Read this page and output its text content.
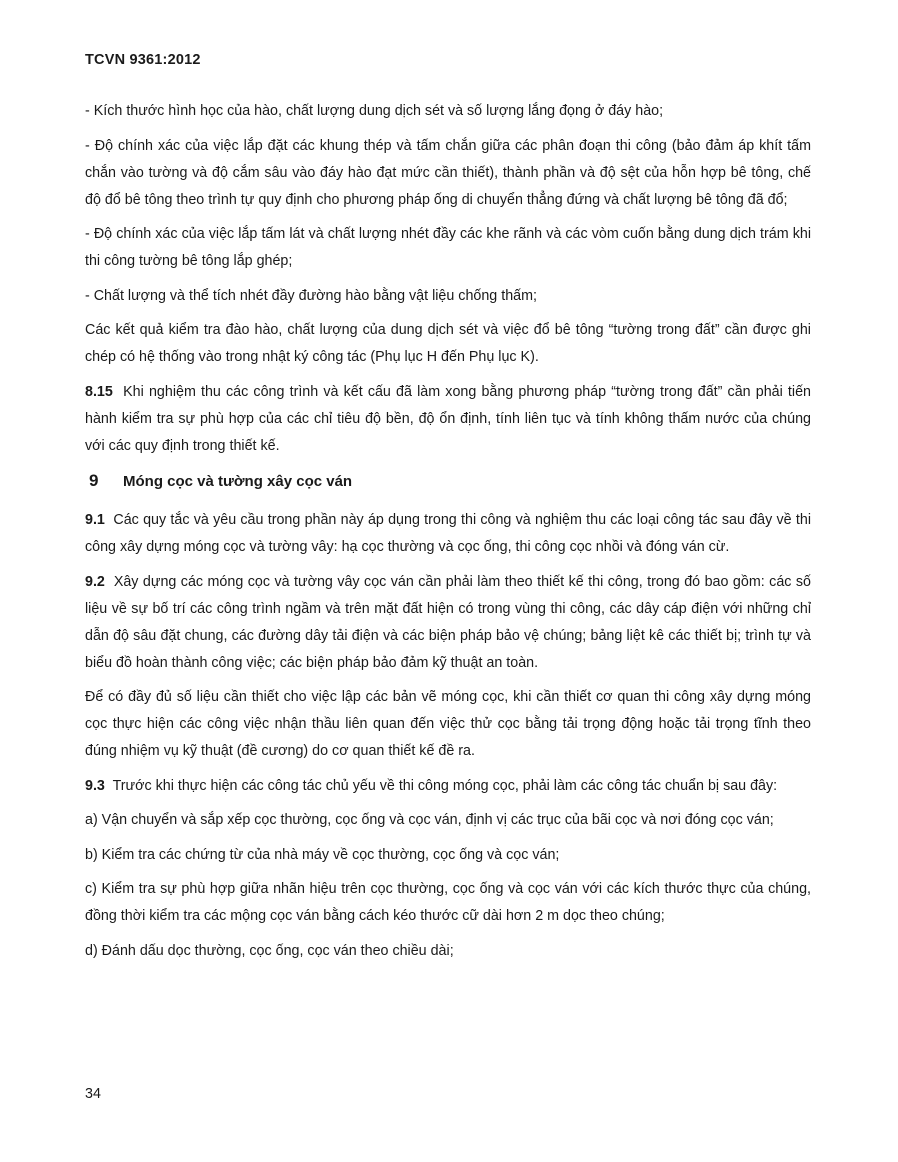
TCVN 9361:2012

- Kích thước hình học của hào, chất lượng dung dịch sét và số lượng lắng đọng ở đáy hào;

- Độ chính xác của việc lắp đặt các khung thép và tấm chắn giữa các phân đoạn thi công (bảo đảm áp khít tấm chắn vào tường và độ cắm sâu vào đáy hào đạt mức cần thiết), thành phần và độ sệt của hỗn hợp bê tông, chế độ đổ bê tông theo trình tự quy định cho phương pháp ống di chuyển thẳng đứng và chất lượng bê tông đã đổ;

- Độ chính xác của việc lắp tấm lát và chất lượng nhét đầy các khe rãnh và các vòm cuốn bằng dung dịch trám khi thi công tường bê tông lắp ghép;

- Chất lượng và thể tích nhét đầy đường hào bằng vật liệu chống thấm;

Các kết quả kiểm tra đào hào, chất lượng của dung dịch sét và việc đổ bê tông “tường trong đất” cần được ghi chép có hệ thống vào trong nhật ký công tác (Phụ lục H đến Phụ lục K).

8.15 Khi nghiệm thu các công trình và kết cấu đã làm xong bằng phương pháp “tường trong đất” cần phải tiến hành kiểm tra sự phù hợp của các chỉ tiêu độ bền, độ ổn định, tính liên tục và tính không thấm nước của chúng với các quy định trong thiết kế.

9	Móng cọc và tường xây cọc ván

9.1 Các quy tắc và yêu cầu trong phần này áp dụng trong thi công và nghiệm thu các loại công tác sau đây về thi công xây dựng móng cọc và tường vây: hạ cọc thường và cọc ống, thi công cọc nhồi và đóng ván cừ.

9.2 Xây dựng các móng cọc và tường vây cọc ván cần phải làm theo thiết kế thi công, trong đó bao gồm: các số liệu về sự bố trí các công trình ngầm và trên mặt đất hiện có trong vùng thi công, các dây cáp điện với những chỉ dẫn độ sâu đặt chung, các đường dây tải điện và các biện pháp bảo vệ chúng; bảng liệt kê các thiết bị; trình tự và biểu đồ hoàn thành công việc; các biện pháp bảo đảm kỹ thuật an toàn.

Để có đầy đủ số liệu cần thiết cho việc lập các bản vẽ móng cọc, khi cần thiết cơ quan thi công xây dựng móng cọc thực hiện các công việc nhận thầu liên quan đến việc thử cọc bằng tải trọng động hoặc tải trọng tĩnh theo đúng nhiệm vụ kỹ thuật (đề cương) do cơ quan thiết kế đề ra.

9.3 Trước khi thực hiện các công tác chủ yếu về thi công móng cọc, phải làm các công tác chuẩn bị sau đây:

a) Vận chuyển và sắp xếp cọc thường, cọc ống và cọc ván, định vị các trục của bãi cọc và nơi đóng cọc ván;

b) Kiểm tra các chứng từ của nhà máy về cọc thường, cọc ống và cọc ván;

c) Kiểm tra sự phù hợp giữa nhãn hiệu trên cọc thường, cọc ống và cọc ván với các kích thước thực của chúng, đồng thời kiểm tra các mộng cọc ván bằng cách kéo thước cữ dài hơn 2 m dọc theo chúng;

d) Đánh dấu dọc thường, cọc ống, cọc ván theo chiều dài;

34
